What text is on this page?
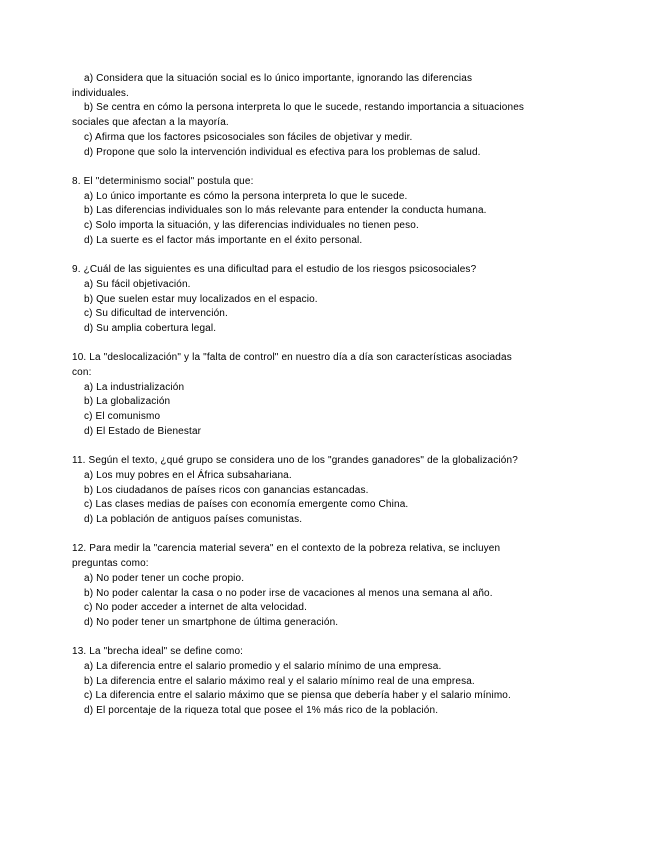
a) Considera que la situación social es lo único importante, ignorando las diferencias individuales.
b) Se centra en cómo la persona interpreta lo que le sucede, restando importancia a situaciones sociales que afectan a la mayoría.
c) Afirma que los factores psicosociales son fáciles de objetivar y medir.
d) Propone que solo la intervención individual es efectiva para los problemas de salud.
8. El "determinismo social" postula que:
a) Lo único importante es cómo la persona interpreta lo que le sucede.
b) Las diferencias individuales son lo más relevante para entender la conducta humana.
c) Solo importa la situación, y las diferencias individuales no tienen peso.
d) La suerte es el factor más importante en el éxito personal.
9. ¿Cuál de las siguientes es una dificultad para el estudio de los riesgos psicosociales?
a) Su fácil objetivación.
b) Que suelen estar muy localizados en el espacio.
c) Su dificultad de intervención.
d) Su amplia cobertura legal.
10. La "deslocalización" y la "falta de control" en nuestro día a día son características asociadas con:
a) La industrialización
b) La globalización
c) El comunismo
d) El Estado de Bienestar
11. Según el texto, ¿qué grupo se considera uno de los "grandes ganadores" de la globalización?
a) Los muy pobres en el África subsahariana.
b) Los ciudadanos de países ricos con ganancias estancadas.
c) Las clases medias de países con economía emergente como China.
d) La población de antiguos países comunistas.
12. Para medir la "carencia material severa" en el contexto de la pobreza relativa, se incluyen preguntas como:
a) No poder tener un coche propio.
b) No poder calentar la casa o no poder irse de vacaciones al menos una semana al año.
c) No poder acceder a internet de alta velocidad.
d) No poder tener un smartphone de última generación.
13. La "brecha ideal" se define como:
a) La diferencia entre el salario promedio y el salario mínimo de una empresa.
b) La diferencia entre el salario máximo real y el salario mínimo real de una empresa.
c) La diferencia entre el salario máximo que se piensa que debería haber y el salario mínimo.
d) El porcentaje de la riqueza total que posee el 1% más rico de la población.
